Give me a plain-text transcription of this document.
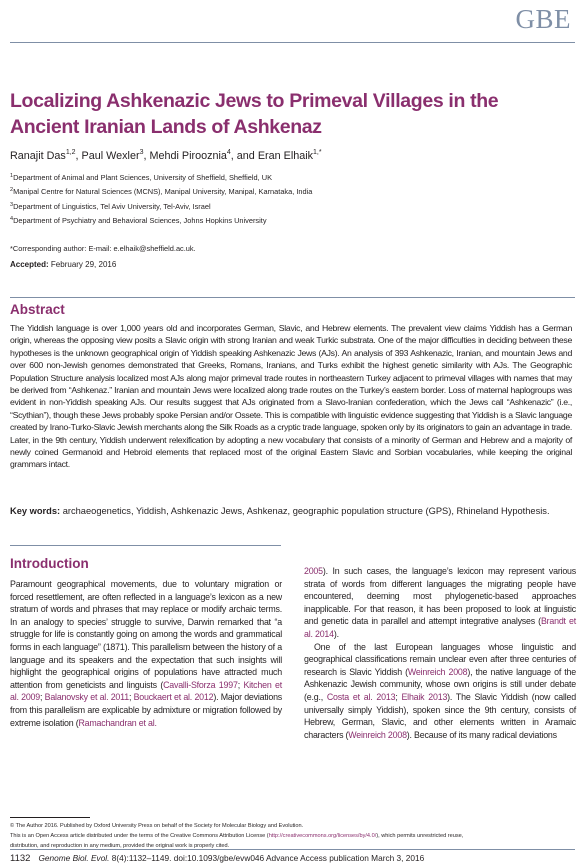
GBE
Localizing Ashkenazic Jews to Primeval Villages in the Ancient Iranian Lands of Ashkenaz
Ranajit Das$^{1,2}$, Paul Wexler$^3$, Mehdi Pirooznia$^4$, and Eran Elhaik$^{1,*}$
$^1$Department of Animal and Plant Sciences, University of Sheffield, Sheffield, UK
$^2$Manipal Centre for Natural Sciences (MCNS), Manipal University, Manipal, Karnataka, India
$^3$Department of Linguistics, Tel Aviv University, Tel-Aviv, Israel
$^4$Department of Psychiatry and Behavioral Sciences, Johns Hopkins University
*Corresponding author: E-mail: e.elhaik@sheffield.ac.uk.
Accepted: February 29, 2016
Abstract

The Yiddish language is over 1,000 years old and incorporates German, Slavic, and Hebrew elements. The prevalent view claims Yiddish has a German origin, whereas the opposing view posits a Slavic origin with strong Iranian and weak Turkic substrata. One of the major difficulties in deciding between these hypotheses is the unknown geographical origin of Yiddish speaking Ashkenazic Jews (AJs). An analysis of 393 Ashkenazic, Iranian, and mountain Jews and over 600 non-Jewish genomes demonstrated that Greeks, Romans, Iranians, and Turks exhibit the highest genetic similarity with AJs. The Geographic Population Structure analysis localized most AJs along major primeval trade routes in northeastern Turkey adjacent to primeval villages with names that may be derived from “Ashkenaz.” Iranian and mountain Jews were localized along trade routes on the Turkey’s eastern border. Loss of maternal haplogroups was evident in non-Yiddish speaking AJs. Our results suggest that AJs originated from a Slavo-Iranian confederation, which the Jews call “Ashkenazic” (i.e., “Scythian”), though these Jews probably spoke Persian and/or Ossete. This is compatible with linguistic evidence suggesting that Yiddish is a Slavic language created by Irano-Turko-Slavic Jewish merchants along the Silk Roads as a cryptic trade language, spoken only by its originators to gain an advantage in trade. Later, in the 9th century, Yiddish underwent relexification by adopting a new vocabulary that consists of a minority of German and Hebrew and a majority of newly coined Germanoid and Hebroid elements that replaced most of the original Eastern Slavic and Sorbian vocabularies, while keeping the original grammars intact.

Key words: archaeogenetics, Yiddish, Ashkenazic Jews, Ashkenaz, geographic population structure (GPS), Rhineland Hypothesis.

Introduction

Paramount geographical movements, due to voluntary migration or forced resettlement, are often reflected in a language’s lexicon as a new stratum of words and phrases that may replace or modify archaic terms. In an analogy to species’ struggle to survive, Darwin remarked that “a struggle for life is constantly going on among the words and grammatical forms in each language” (1871). This parallelism between the history of a language and its speakers and the expectation that such insights will highlight the geographical origins of populations have attracted much attention from geneticists and linguists (Cavalli-Sforza 1997; Kitchen et al. 2009; Balanovsky et al. 2011; Bouckaert et al. 2012). Major deviations from this parallelism are explicable by admixture or migration followed by extreme isolation (Ramachandran et al.

2005). In such cases, the language’s lexicon may represent various strata of words from different languages the migrating people have encountered, deeming most phylogenetic-based approaches inapplicable. For that reason, it has been proposed to look at linguistic and genetic data in parallel and attempt integrative analyses (Brandt et al. 2014).
One of the last European languages whose linguistic and geographical classifications remain unclear even after three centuries of research is Slavic Yiddish (Weinreich 2008), the native language of the Ashkenazic Jewish community, whose own origins is still under debate (e.g., Costa et al. 2013; Elhaik 2013). The Slavic Yiddish (now called universally simply Yiddish), spoken since the 9th century, consists of Hebrew, German, Slavic, and other elements written in Aramaic characters (Weinreich 2008). Because of its many radical deviations
© The Author 2016. Published by Oxford University Press on behalf of the Society for Molecular Biology and Evolution.
This is an Open Access article distributed under the terms of the Creative Commons Attribution License (http://creativecommons.org/licenses/by/4.0/), which permits unrestricted reuse,
distribution, and reproduction in any medium, provided the original work is properly cited.
1132 Genome Biol. Evol. 8(4):1132–1149. doi:10.1093/gbe/evw046 Advance Access publication March 3, 2016
